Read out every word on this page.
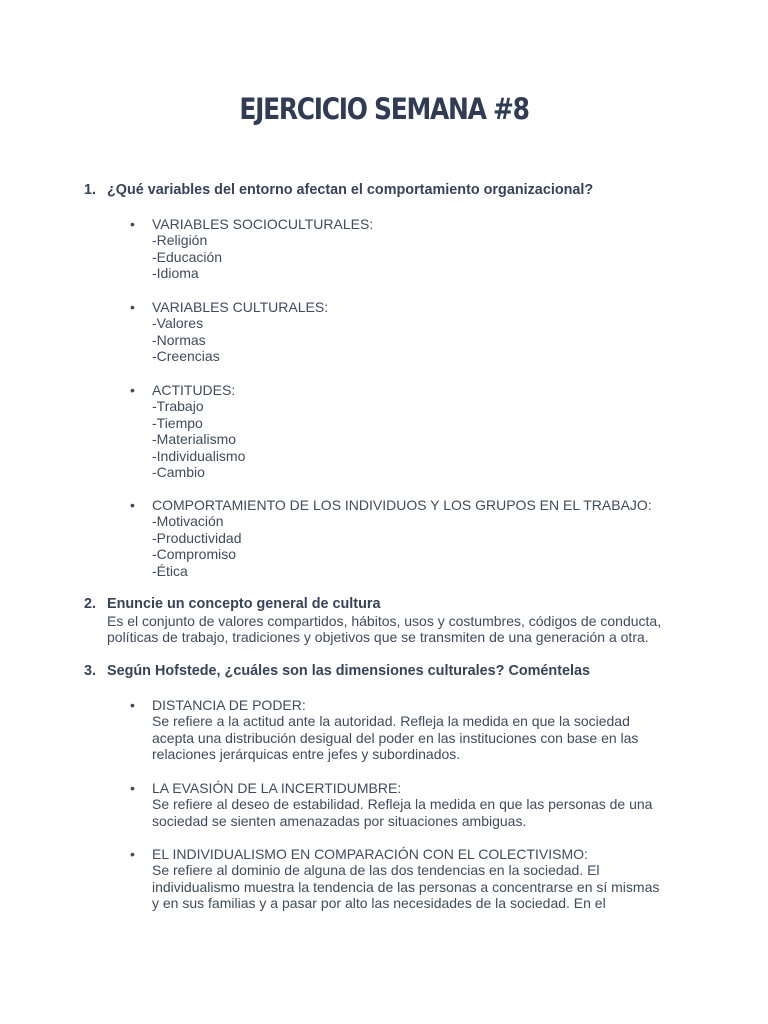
EJERCICIO SEMANA #8
1. ¿Qué variables del entorno afectan el comportamiento organizacional?
• VARIABLES SOCIOCULTURALES:
-Religión
-Educación
-Idioma
• VARIABLES CULTURALES:
-Valores
-Normas
-Creencias
• ACTITUDES:
-Trabajo
-Tiempo
-Materialismo
-Individualismo
-Cambio
• COMPORTAMIENTO DE LOS INDIVIDUOS Y LOS GRUPOS EN EL TRABAJO:
-Motivación
-Productividad
-Compromiso
-Ética
2. Enuncie un concepto general de cultura
Es el conjunto de valores compartidos, hábitos, usos y costumbres, códigos de conducta,
políticas de trabajo, tradiciones y objetivos que se transmiten de una generación a otra.
3. Según Hofstede, ¿cuáles son las dimensiones culturales? Coméntelas
• DISTANCIA DE PODER:
Se refiere a la actitud ante la autoridad. Refleja la medida en que la sociedad
acepta una distribución desigual del poder en las instituciones con base en las
relaciones jerárquicas entre jefes y subordinados.
• LA EVASIÓN DE LA INCERTIDUMBRE:
Se refiere al deseo de estabilidad. Refleja la medida en que las personas de una
sociedad se sienten amenazadas por situaciones ambiguas.
• EL INDIVIDUALISMO EN COMPARACIÓN CON EL COLECTIVISMO:
Se refiere al dominio de alguna de las dos tendencias en la sociedad. El
individualismo muestra la tendencia de las personas a concentrarse en sí mismas
y en sus familias y a pasar por alto las necesidades de la sociedad. En el
